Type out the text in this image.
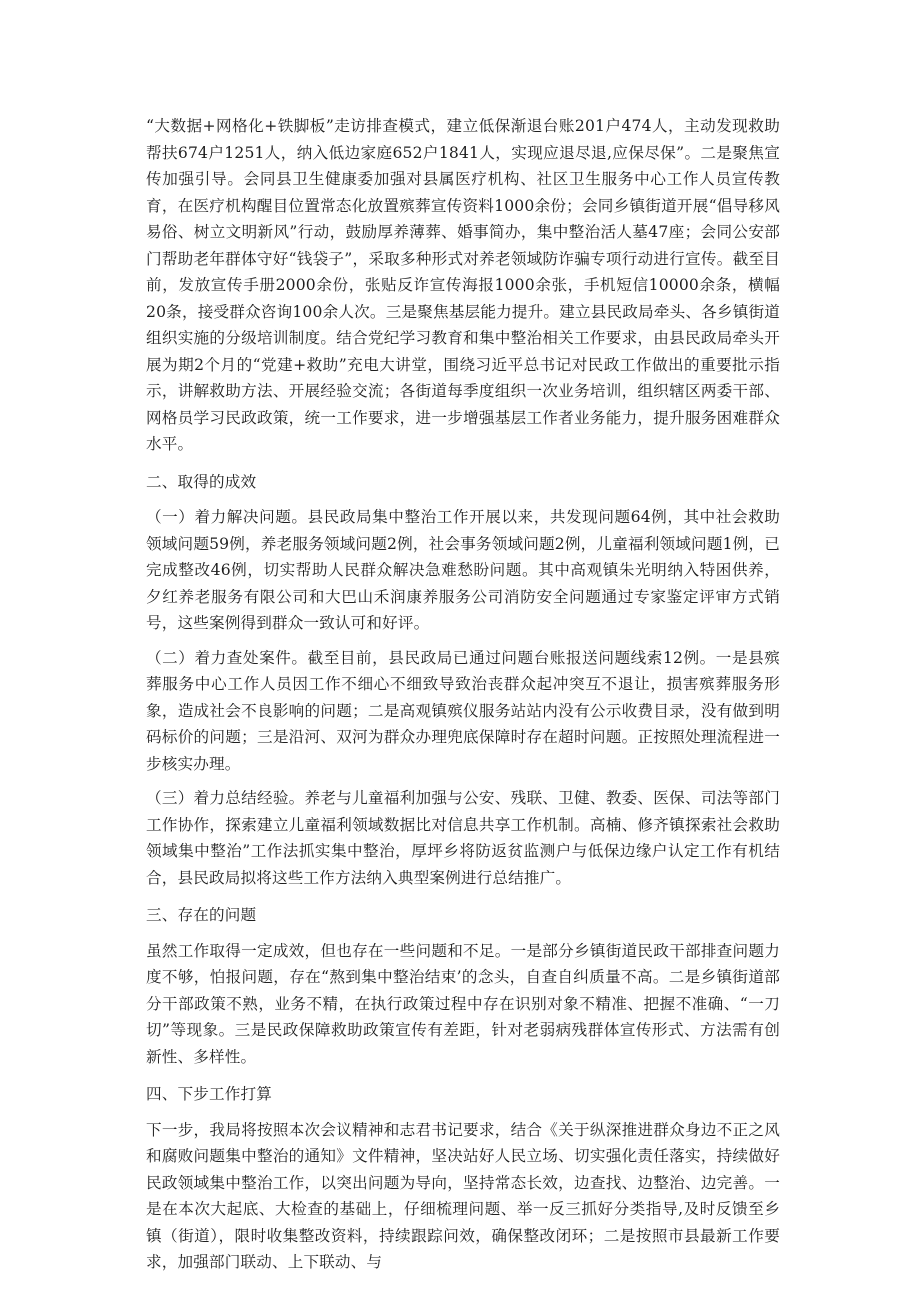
“大数据+网格化+铁脚板”走访排查模式，建立低保渐退台账201户474人，主动发现救助帮扶674户1251人，纳入低边家庭652户1841人，实现应退尽退,应保尽保”。二是聚焦宣传加强引导。会同县卫生健康委加强对县属医疗机构、社区卫生服务中心工作人员宣传教育，在医疗机构醒目位置常态化放置殡葬宣传资料1000余份；会同乡镇街道开展“倡导移风易俗、树立文明新风”行动，鼓励厚养薄葬、婚事简办，集中整治活人墓47座；会同公安部门帮助老年群体守好“钱袋子”，采取多种形式对养老领域防诈骗专项行动进行宣传。截至目前，发放宣传手册2000余份，张贴反诈宣传海报1000余张，手机短信10000余条，横幅20条，接受群众咨询100余人次。三是聚焦基层能力提升。建立县民政局牵头、各乡镇街道组织实施的分级培训制度。结合党纪学习教育和集中整治相关工作要求，由县民政局牵头开展为期2个月的“党建+救助”充电大讲堂，围绕习近平总书记对民政工作做出的重要批示指示，讲解救助方法、开展经验交流；各街道每季度组织一次业务培训，组织辖区两委干部、网格员学习民政政策，统一工作要求，进一步增强基层工作者业务能力，提升服务困难群众水平。

二、取得的成效

（一）着力解决问题。县民政局集中整治工作开展以来，共发现问题64例，其中社会救助领域问题59例，养老服务领域问题2例，社会事务领域问题2例，儿童福利领域问题1例，已完成整改46例，切实帮助人民群众解决急难愁盼问题。其中高观镇朱光明纳入特困供养，夕红养老服务有限公司和大巴山禾润康养服务公司消防安全问题通过专家鉴定评审方式销号，这些案例得到群众一致认可和好评。

（二）着力查处案件。截至目前，县民政局已通过问题台账报送问题线索12例。一是县殡葬服务中心工作人员因工作不细心不细致导致治丧群众起冲突互不退让，损害殡葬服务形象，造成社会不良影响的问题；二是高观镇殡仪服务站站内没有公示收费目录，没有做到明码标价的问题；三是沿河、双河为群众办理兜底保障时存在超时问题。正按照处理流程进一步核实办理。

（三）着力总结经验。养老与儿童福利加强与公安、残联、卫健、教委、医保、司法等部门工作协作，探索建立儿童福利领域数据比对信息共享工作机制。高楠、修齐镇探索社会救助领域集中整治”工作法抓实集中整治，厚坪乡将防返贫监测户与低保边缘户认定工作有机结合，县民政局拟将这些工作方法纳入典型案例进行总结推广。

三、存在的问题

虽然工作取得一定成效，但也存在一些问题和不足。一是部分乡镇街道民政干部排查问题力度不够，怕报问题，存在“熬到集中整治结束’的念头，自查自纠质量不高。二是乡镇街道部分干部政策不熟，业务不精，在执行政策过程中存在识别对象不精准、把握不准确、“一刀切”等现象。三是民政保障救助政策宣传有差距，针对老弱病残群体宣传形式、方法需有创新性、多样性。

四、下步工作打算

下一步，我局将按照本次会议精神和志君书记要求，结合《关于纵深推进群众身边不正之风和腐败问题集中整治的通知》文件精神，坚决站好人民立场、切实强化责任落实，持续做好民政领域集中整治工作，以突出问题为导向，坚持常态长效，边查找、边整治、边完善。一是在本次大起底、大检查的基础上，仔细梳理问题、举一反三抓好分类指导,及时反馈至乡镇（街道），限时收集整改资料，持续跟踪问效，确保整改闭环；二是按照市县最新工作要求，加强部门联动、上下联动、与
